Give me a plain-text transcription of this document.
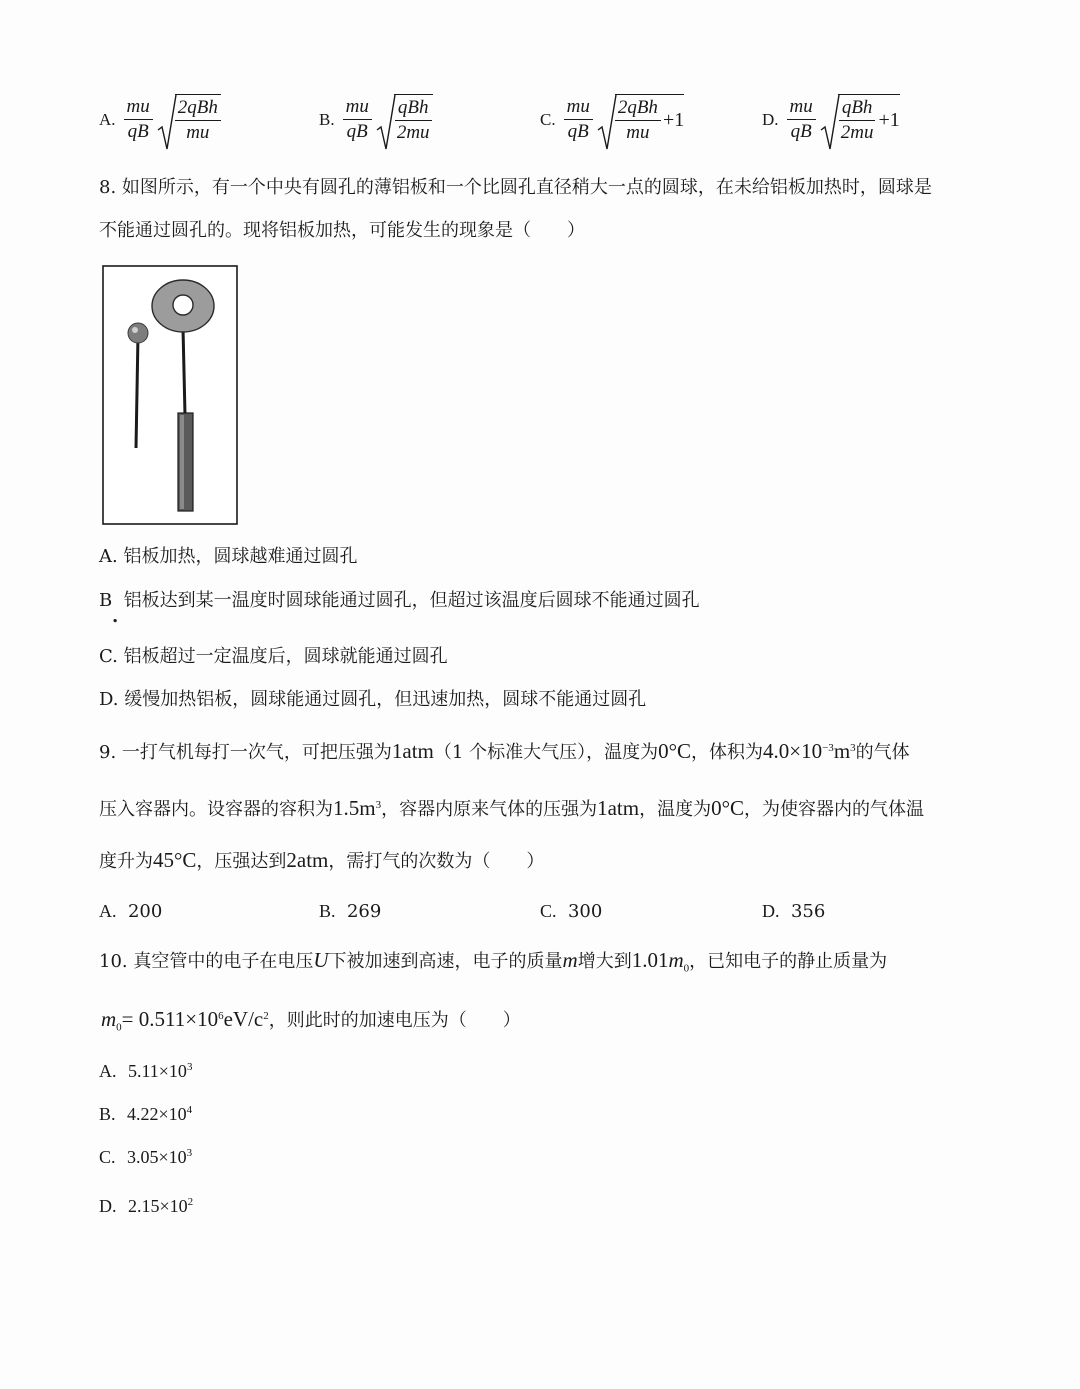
A. $\frac{mu}{qB} \frac{\text{2qBh}}{mu}$	B. $\frac{mu}{qB} \frac{\text{qBh}}{2mu}$	C. $\frac{mu}{qB} \frac{\text{2qBh}}{mu} +1$	D. $\frac{mu}{qB} \frac{\text{qBh}}{2mu} +1$
8. 如图所示，有一个中央有圆孔的薄铝板和一个比圆孔直径稍大一点的圆球，在未给铝板加热时，圆球是
不能通过圆孔的。现将铝板加热，可能发生的现象是（　　）
A. 铝板加热，圆球越难通过圆孔
B 铝板达到某一温度时圆球能通过圆孔，但超过该温度后圆球不能通过圆孔
.
C. 铝板超过一定温度后，圆球就能通过圆孔
D. 缓慢加热铝板，圆球能通过圆孔，但迅速加热，圆球不能通过圆孔
9. 一打气机每打一次气，可把压强为1atm（1 个标准大气压），温度为0°C，体积为$4.0\times 10^{-3}m^3$的气体
压入容器内。设容器的容积为$1.5m^3$，容器内原来气体的压强为1atm，温度为0°C，为使容器内的气体温
度升为45°C，压强达到2atm，需打气的次数为（　　）
A. 200	B. 269	C. 300	D. 356
10. 真空管中的电子在电压U下被加速到高速，电子的质量m增大到$1.01m_0$，已知电子的静止质量为
$m_0= 0.511\times 10^6eV/c^2$，则此时的加速电压为（　　）
A. $5.11\times 10^3$
B. $4.22\times 10^4$
C. $3.05\times 10^3$
D. $2.15\times 10^2$
